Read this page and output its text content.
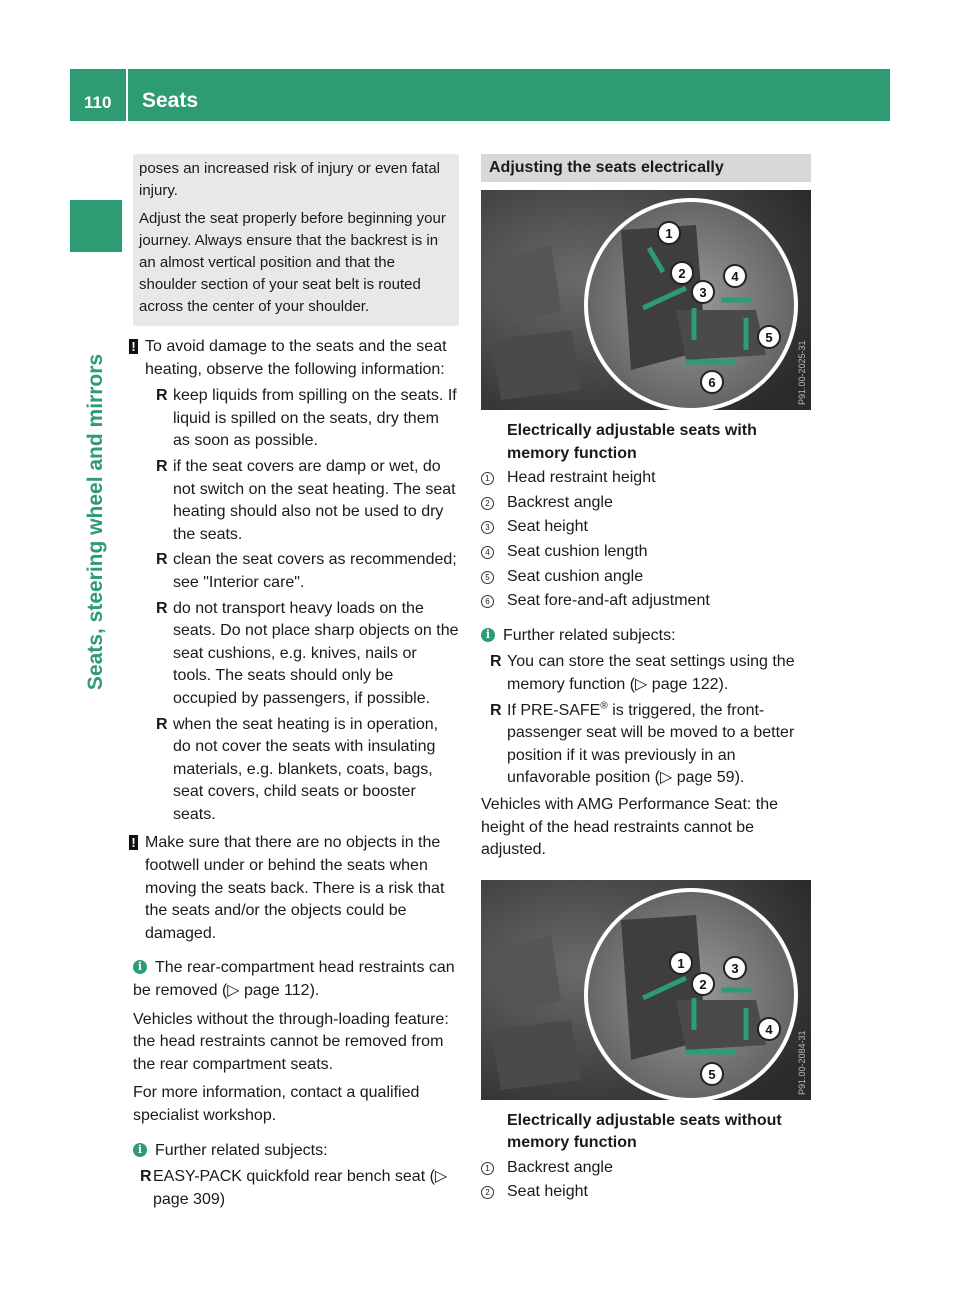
110 Seats
Seats, steering wheel and mirrors

poses an increased risk of injury or even fatal injury.

Adjust the seat properly before beginning your journey. Always ensure that the backrest is in an almost vertical position and that the shoulder section of your seat belt is routed across the center of your shoulder.

! To avoid damage to the seats and the seat heating, observe the following information:

R keep liquids from spilling on the seats. If liquid is spilled on the seats, dry them as soon as possible.
R if the seat covers are damp or wet, do not switch on the seat heating. The seat heating should also not be used to dry the seats.
R clean the seat covers as recommended; see "Interior care".
R do not transport heavy loads on the seats. Do not place sharp objects on the seat cushions, e.g. knives, nails or tools. The seats should only be occupied by passengers, if possible.
R when the seat heating is in operation, do not cover the seats with insulating materials, e.g. blankets, coats, bags, seat covers, child seats or booster seats.
! Make sure that there are no objects in the footwell under or behind the seats when moving the seats back. There is a risk that the seats and/or the objects could be damaged.

i The rear-compartment head restraints can be removed (▷ page 112).

Vehicles without the through-loading feature: the head restraints cannot be removed from the rear compartment seats.

For more information, contact a qualified specialist workshop.

i Further related subjects:

R EASY-PACK quickfold rear bench seat (▷ page 309)
Adjusting the seats electrically
1
2
3
4
5
6	P91.00-2025-31
Electrically adjustable seats with memory function
1 Head restraint height
2 Backrest angle
3 Seat height
4 Seat cushion length
5 Seat cushion angle
6 Seat fore-and-aft adjustment
i Further related subjects:

R You can store the seat settings using the memory function (▷ page 122).
R If PRE-SAFE® is triggered, the front-passenger seat will be moved to a better position if it was previously in an unfavorable position (▷ page 59).

Vehicles with AMG Performance Seat: the height of the head restraints cannot be adjusted.

1
2
3
4
5	P91.00-2084-31
Electrically adjustable seats without memory function
1 Backrest angle
2 Seat height
